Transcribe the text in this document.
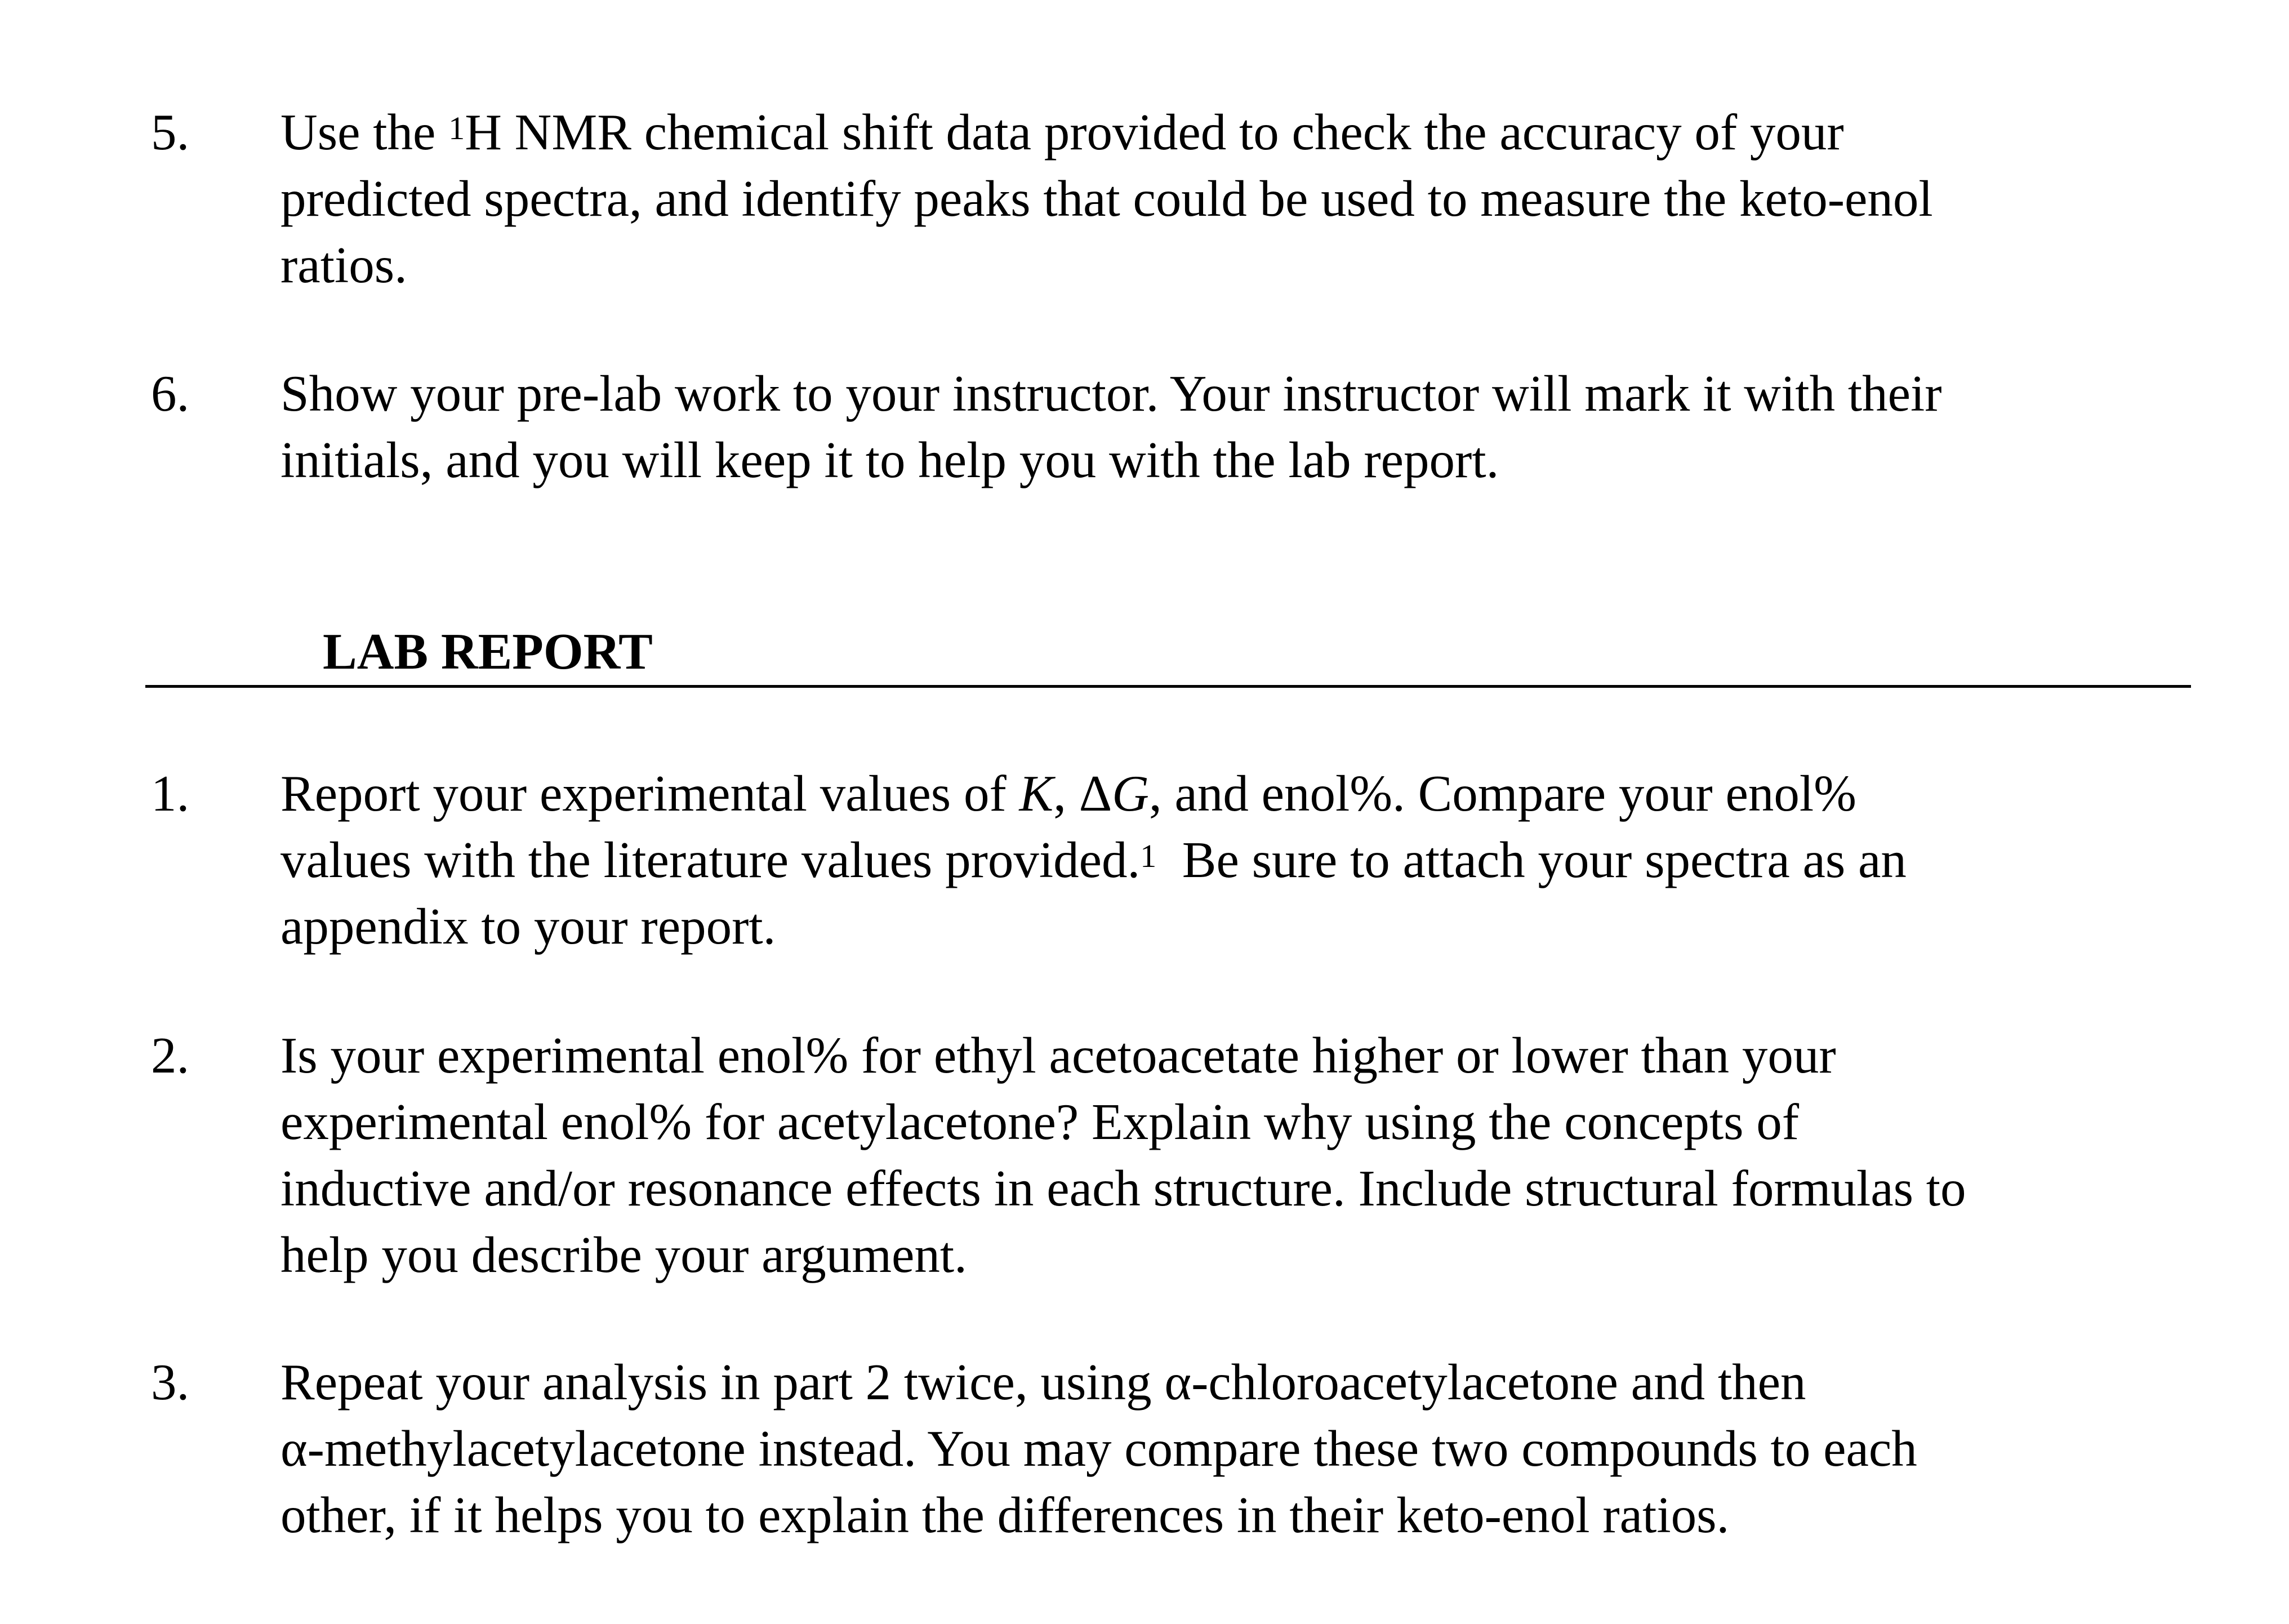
5. Use the $^1$H NMR chemical shift data provided to check the accuracy of your
predicted spectra, and identify peaks that could be used to measure the keto-enol
ratios.
6. Show your pre-lab work to your instructor. Your instructor will mark it with their
initials, and you will keep it to help you with the lab report.
LAB REPORT
1. Report your experimental values of K, ΔG, and enol%. Compare your enol%
values with the literature values provided.$^1$  Be sure to attach your spectra as an
appendix to your report.
2. Is your experimental enol% for ethyl acetoacetate higher or lower than your
experimental enol% for acetylacetone? Explain why using the concepts of
inductive and/or resonance effects in each structure. Include structural formulas to
help you describe your argument.
3. Repeat your analysis in part 2 twice, using α-chloroacetylacetone and then
α-methylacetylacetone instead. You may compare these two compounds to each
other, if it helps you to explain the differences in their keto-enol ratios.
